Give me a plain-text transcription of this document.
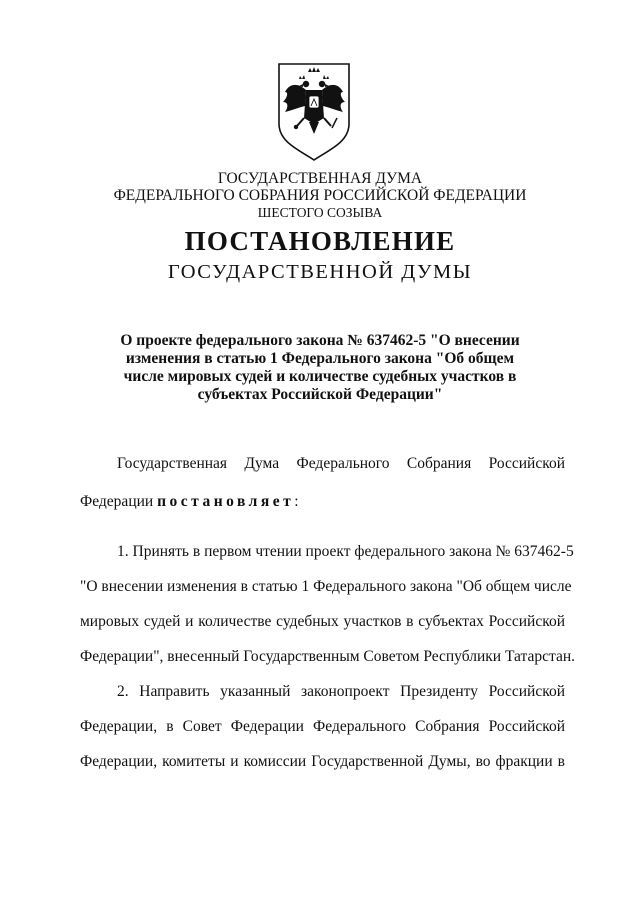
ГОСУДАРСТВЕННАЯ ДУМА
ФЕДЕРАЛЬНОГО СОБРАНИЯ РОССИЙСКОЙ ФЕДЕРАЦИИ
ШЕСТОГО СОЗЫВА
ПОСТАНОВЛЕНИЕ
ГОСУДАРСТВЕННОЙ ДУМЫ
О проекте федерального закона № 637462-5 "О внесении
изменения в статью 1 Федерального закона "Об общем
числе мировых судей и количестве судебных участков в
субъектах Российской Федерации"
Государственная Дума Федерального Собрания Российской
Федерации постановляет:
1. Принять в первом чтении проект федерального закона № 637462-5
"О внесении изменения в статью 1 Федерального закона "Об общем числе
мировых судей и количестве судебных участков в субъектах Российской
Федерации", внесенный Государственным Советом Республики Татарстан.
2. Направить указанный законопроект Президенту Российской
Федерации, в Совет Федерации Федерального Собрания Российской
Федерации, комитеты и комиссии Государственной Думы, во фракции в
